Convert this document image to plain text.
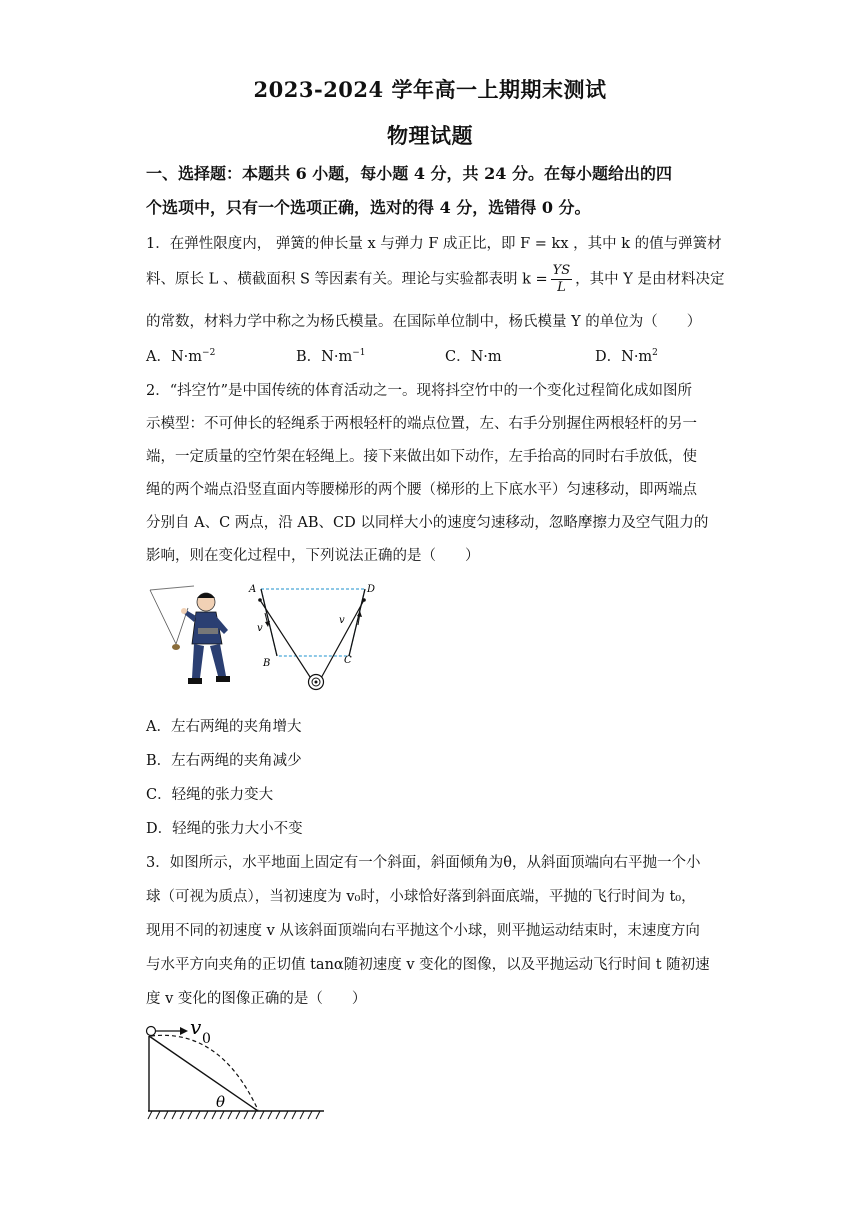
2023-2024 学年高一上期期末测试
物理试题
一、选择题：本题共 6 小题，每小题 4 分，共 24 分。在每小题给出的四
个选项中，只有一个选项正确，选对的得 4 分，选错得 0 分。
1．在弹性限度内， 弹簧的伸长量 x 与弹力 F 成正比，即 F = kx ，其中 k 的值与弹簧材
料、原长 L 、横截面积 S 等因素有关。理论与实验都表明 $k = \frac{YS}{L}$ ，其中 Y 是由材料决定
的常数，材料力学中称之为杨氏模量。在国际单位制中，杨氏模量 Y 的单位为（　　）
A．$N\cdot m^{-2}$	B．$N\cdot m^{-1}$	C．N·m	D．$N\cdot m^2$
2．“抖空竹”是中国传统的体育活动之一。现将抖空竹中的一个变化过程简化成如图所
示模型：不可伸长的轻绳系于两根轻杆的端点位置，左、右手分别握住两根轻杆的另一
端，一定质量的空竹架在轻绳上。接下来做出如下动作，左手抬高的同时右手放低，使
绳的两个端点沿竖直面内等腰梯形的两个腰（梯形的上下底水平）匀速移动，即两端点
分别自 A、C 两点，沿 AB、CD 以同样大小的速度匀速移动，忽略摩擦力及空气阻力的
影响，则在变化过程中，下列说法正确的是（　　）
A	D
B	C
v
v
A．左右两绳的夹角增大
B．左右两绳的夹角减少
C．轻绳的张力变大
D．轻绳的张力大小不变
3．如图所示，水平地面上固定有一个斜面，斜面倾角为θ，从斜面顶端向右平抛一个小
球（可视为质点），当初速度为 v₀时，小球恰好落到斜面底端，平抛的飞行时间为 t₀，
现用不同的初速度 v 从该斜面顶端向右平抛这个小球，则平抛运动结束时，末速度方向
与水平方向夹角的正切值 tanα随初速度 v 变化的图像，以及平抛运动飞行时间 t 随初速
度 v 变化的图像正确的是（　　）
v 0
θ
